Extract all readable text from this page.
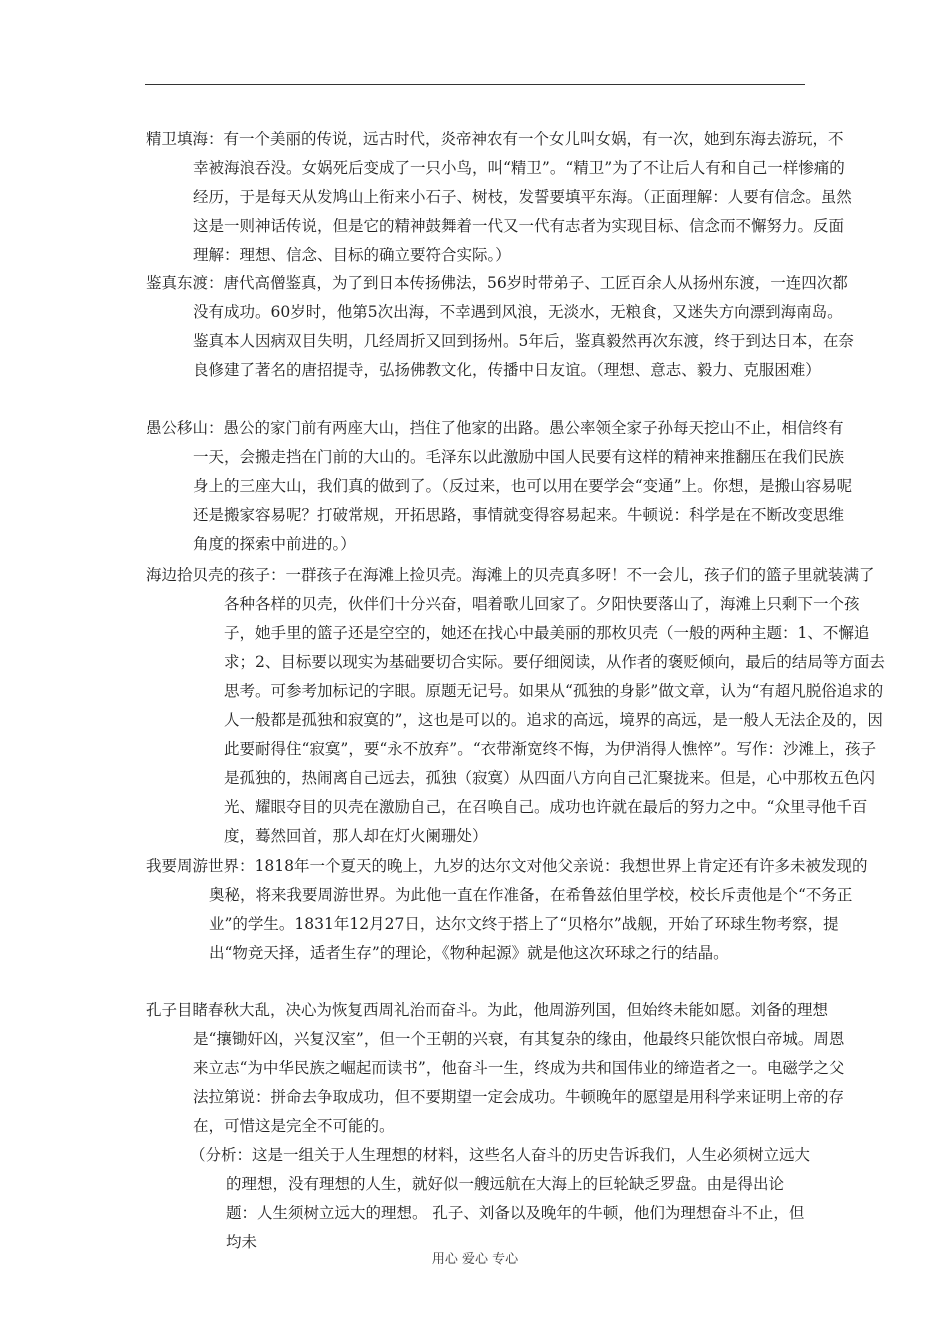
精卫填海：有一个美丽的传说，远古时代，炎帝神农有一个女儿叫女娲，有一次，她到东海去游玩，不幸被海浪吞没。女娲死后变成了一只小鸟，叫“精卫”。“精卫”为了不让后人有和自己一样惨痛的经历，于是每天从发鸠山上衔来小石子、树枝，发誓要填平东海。（正面理解：人要有信念。虽然这是一则神话传说，但是它的精神鼓舞着一代又一代有志者为实现目标、信念而不懈努力。反面理解：理想、信念、目标的确立要符合实际。）

鉴真东渡：唐代高僧鉴真，为了到日本传扬佛法，56岁时带弟子、工匠百余人从扬州东渡，一连四次都没有成功。60岁时，他第5次出海，不幸遇到风浪，无淡水，无粮食，又迷失方向漂到海南岛。鉴真本人因病双目失明，几经周折又回到扬州。5年后，鉴真毅然再次东渡，终于到达日本，在奈良修建了著名的唐招提寺，弘扬佛教文化，传播中日友谊。（理想、意志、毅力、克服困难）

愚公移山：愚公的家门前有两座大山，挡住了他家的出路。愚公率领全家子孙每天挖山不止，相信终有一天，会搬走挡在门前的大山的。毛泽东以此激励中国人民要有这样的精神来推翻压在我们民族身上的三座大山，我们真的做到了。（反过来，也可以用在要学会“变通”上。你想，是搬山容易呢还是搬家容易呢？打破常规，开拓思路，事情就变得容易起来。牛顿说：科学是在不断改变思维角度的探索中前进的。）

海边拾贝壳的孩子：一群孩子在海滩上捡贝壳。海滩上的贝壳真多呀！不一会儿，孩子们的篮子里就装满了各种各样的贝壳，伙伴们十分兴奋，唱着歌儿回家了。夕阳快要落山了，海滩上只剩下一个孩子，她手里的篮子还是空空的，她还在找心中最美丽的那枚贝壳（一般的两种主题：1、不懈追求；2、目标要以现实为基础要切合实际。要仔细阅读，从作者的褒贬倾向，最后的结局等方面去思考。可参考加标记的字眼。原题无记号。如果从“孤独的身影”做文章，认为“有超凡脱俗追求的人一般都是孤独和寂寞的”，这也是可以的。追求的高远，境界的高远，是一般人无法企及的，因此要耐得住“寂寞”，要“永不放弃”。“衣带渐宽终不悔，为伊消得人憔悴”。写作：沙滩上，孩子是孤独的，热闹离自己远去，孤独（寂寞）从四面八方向自己汇聚拢来。但是，心中那枚五色闪光、耀眼夺目的贝壳在激励自己，在召唤自己。成功也许就在最后的努力之中。“众里寻他千百度，蓦然回首，那人却在灯火阑珊处）

我要周游世界：1818年一个夏天的晚上，九岁的达尔文对他父亲说：我想世界上肯定还有许多未被发现的奥秘，将来我要周游世界。为此他一直在作准备，在希鲁兹伯里学校，校长斥责他是个“不务正业”的学生。1831年12月27日，达尔文终于搭上了“贝格尔”战舰，开始了环球生物考察，提出“物竞天择，适者生存”的理论，《物种起源》就是他这次环球之行的结晶。

孔子目睹春秋大乱，决心为恢复西周礼治而奋斗。为此，他周游列国，但始终未能如愿。刘备的理想是“攘锄奸凶，兴复汉室”，但一个王朝的兴衰，有其复杂的缘由，他最终只能饮恨白帝城。周恩来立志“为中华民族之崛起而读书”，他奋斗一生，终成为共和国伟业的缔造者之一。电磁学之父法拉第说：拼命去争取成功，但不要期望一定会成功。牛顿晚年的愿望是用科学来证明上帝的存在，可惜这是完全不可能的。

（分析：这是一组关于人生理想的材料，这些名人奋斗的历史告诉我们，人生必须树立远大的理想，没有理想的人生，就好似一艘远航在大海上的巨轮缺乏罗盘。由是得出论题：人生须树立远大的理想。 孔子、刘备以及晚年的牛顿，他们为理想奋斗不止，但均未
用心 爱心 专心
